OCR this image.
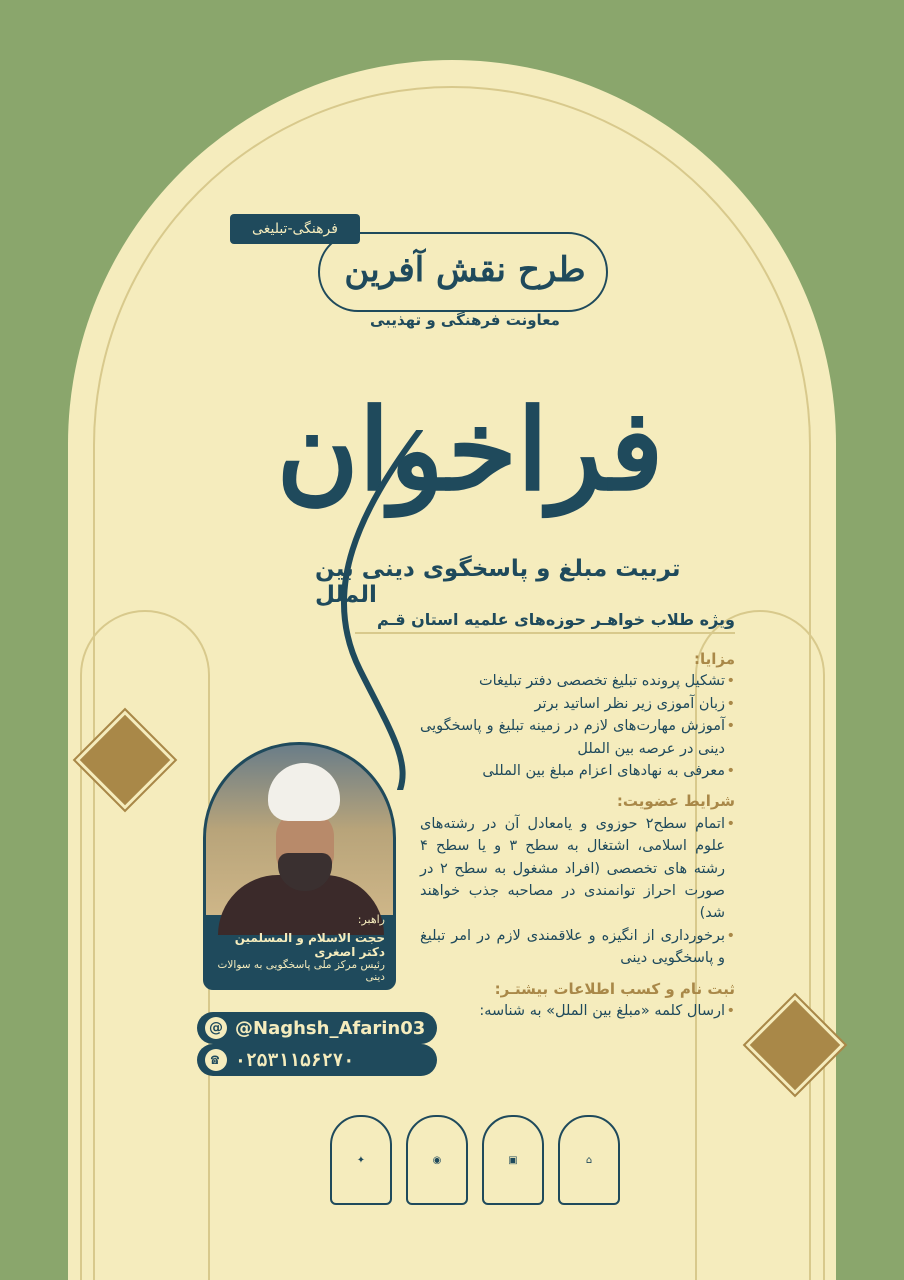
فرهنگی-تبلیغی
طرح نقش آفرین
معاونت فرهنگی و تهذیبی
فراخوان
تربیت مبلغ و پاسخگوی دینی بین الملل
ویژه طلاب خواهـر حوزه‌های علمیه استان قـم
مزایا:
• تشکیل پرونده تبلیغ تخصصی دفتر تبلیغات
• زبان آموزی زیر نظر اساتید برتر
• آموزش مهارت‌های لازم در زمینه تبلیغ و پاسخگویی دینی در عرصه بین الملل
• معرفی به نهادهای اعزام مبلغ بین المللی
شرایط عضویت:
• اتمام سطح۲ حوزوی و یامعادل آن در رشته‌های علوم اسلامی، اشتغال به سطح ۳ و یا سطح ۴ رشته های تخصصی (افراد مشغول به سطح ۲ در صورت احراز توانمندی در مصاحبه جذب خواهند شد)
• برخورداری از انگیزه و علاقمندی لازم در امر تبلیغ و پاسخگویی دینی
ثبت نام و کسب اطلاعات بیشتـر:
• ارسال کلمه «مبلغ بین الملل» به شناسه:
راهبر:
حجت الاسلام و المسلمین دکتر اصغری
رئیس مرکز ملی پاسخگویی به سوالات دینی
@ @Naghsh_Afarin03
☎ ۰۲۵۳۱۱۵۶۲۷۰
✦	◉	▣	⌂
